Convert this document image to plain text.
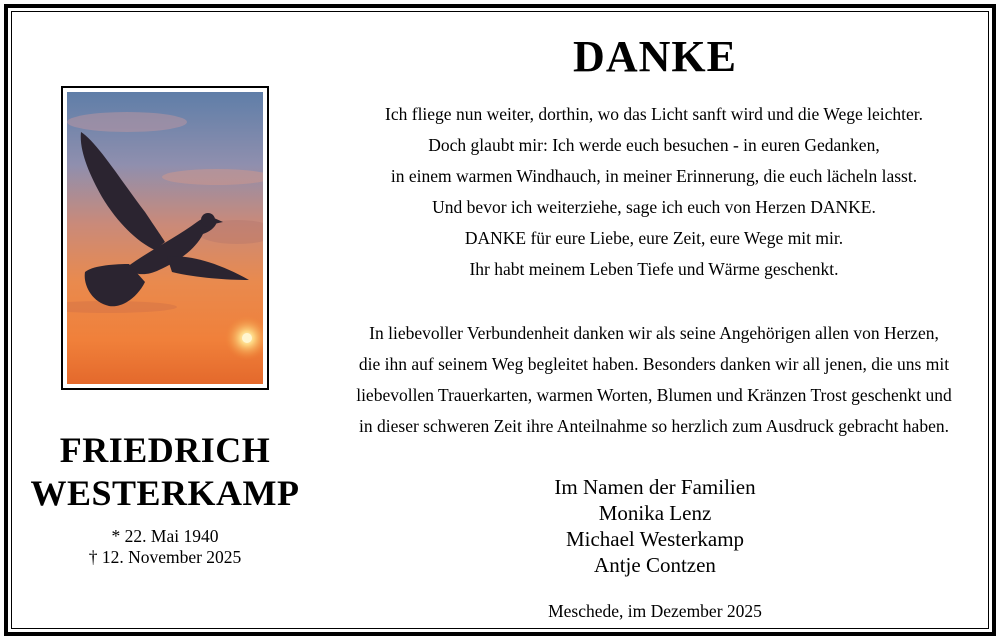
FRIEDRICH
WESTERKAMP
* 22. Mai 1940
† 12. November 2025
DANKE
Ich fliege nun weiter, dorthin, wo das Licht sanft wird und die Wege leichter.
Doch glaubt mir: Ich werde euch besuchen - in euren Gedanken,
in einem warmen Windhauch, in meiner Erinnerung, die euch lächeln lasst.
Und bevor ich weiterziehe, sage ich euch von Herzen DANKE.
DANKE für eure Liebe, eure Zeit, eure Wege mit mir.
Ihr habt meinem Leben Tiefe und Wärme geschenkt.
In liebevoller Verbundenheit danken wir als seine Angehörigen allen von Herzen,
die ihn auf seinem Weg begleitet haben. Besonders danken wir all jenen, die uns mit
liebevollen Trauerkarten, warmen Worten, Blumen und Kränzen Trost geschenkt und
in dieser schweren Zeit ihre Anteilnahme so herzlich zum Ausdruck gebracht haben.
Im Namen der Familien
Monika Lenz
Michael Westerkamp
Antje Contzen
Meschede, im Dezember 2025
